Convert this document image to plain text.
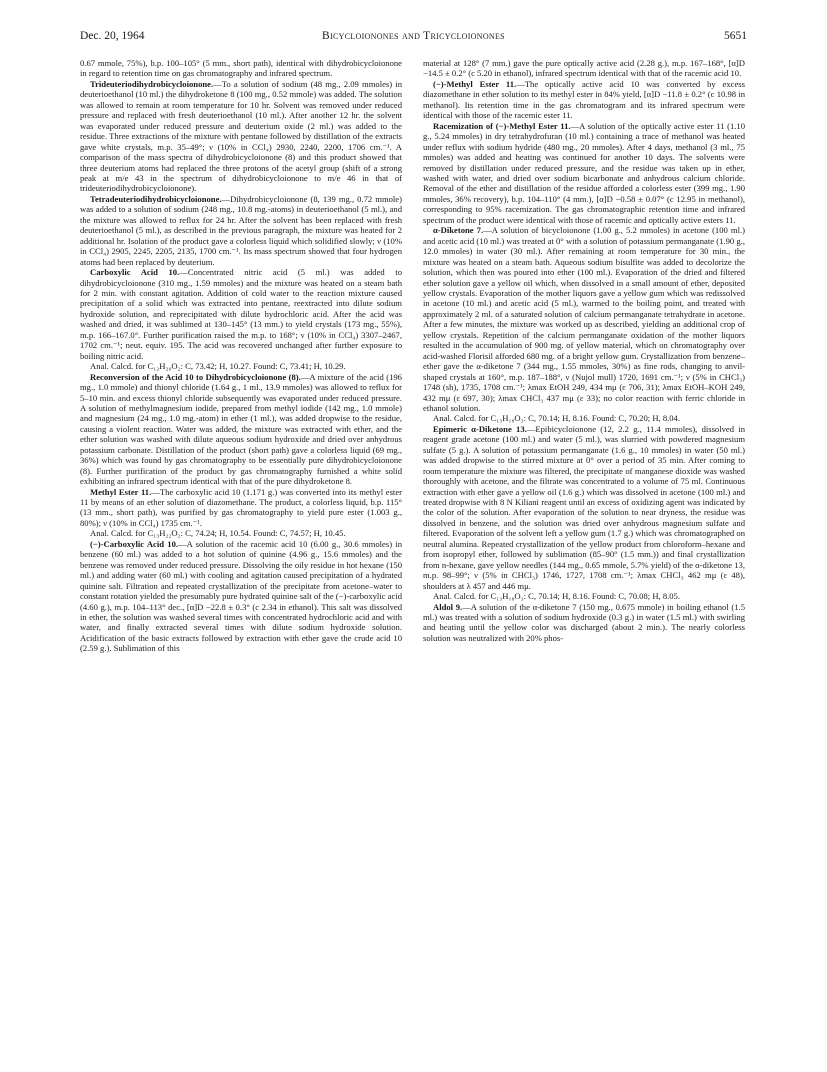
Dec. 20, 1964	Bicycloionones and Tricycloionones	5651

0.67 mmole, 75%), b.p. 100–105° (5 mm., short path), identical with dihydrobicycloionone in regard to retention time on gas chromatography and infrared spectrum.

Trideuteriodihydrobicycloionone.—To a solution of sodium (48 mg., 2.09 mmoles) in deuterioethanol (10 ml.) the dihydroketone 8 (100 mg., 0.52 mmole) was added. The solution was allowed to remain at room temperature for 10 hr. Solvent was removed under reduced pressure and replaced with fresh deuterioethanol (10 ml.). After another 12 hr. the solvent was evaporated under reduced pressure and deuterium oxide (2 ml.) was added to the residue. Three extractions of the mixture with pentane followed by distillation of the extracts gave white crystals, m.p. 35–49°; ν (10% in CCl₄) 2930, 2240, 2200, 1706 cm.⁻¹. A comparison of the mass spectra of dihydrobicycloionone (8) and this product showed that three deuterium atoms had replaced the three protons of the acetyl group (shift of a strong peak at m/e 43 in the spectrum of dihydrobicycloionone to m/e 46 in that of trideuteriodihydrobicycloionone).

Tetradeuteriodihydrobicycloionone.—Dihydrobicycloionone (8, 139 mg., 0.72 mmole) was added to a solution of sodium (248 mg., 10.8 mg.-atoms) in deuterioethanol (5 ml.), and the mixture was allowed to reflux for 24 hr. After the solvent has been replaced with fresh deuterioethanol (5 ml.), as described in the previous paragraph, the mixture was heated for 2 additional hr. Isolation of the product gave a colorless liquid which solidified slowly; ν (10% in CCl₄) 2905, 2245, 2205, 2135, 1700 cm.⁻¹. Its mass spectrum showed that four hydrogen atoms had been replaced by deuterium.

Carboxylic Acid 10.—Concentrated nitric acid (5 ml.) was added to dihydrobicycloionone (310 mg., 1.59 mmoles) and the mixture was heated on a steam bath for 2 min. with constant agitation. Addition of cold water to the reaction mixture caused precipitation of a solid which was extracted into pentane, reextracted into dilute sodium hydroxide solution, and reprecipitated with dilute hydrochloric acid. After the acid was washed and dried, it was sublimed at 130–145° (13 mm.) to yield crystals (173 mg., 55%), m.p. 166–167.0°. Further purification raised the m.p. to 168°; ν (10% in CCl₄) 3307–2467, 1702 cm.⁻¹; neut. equiv. 195. The acid was recovered unchanged after further exposure to boiling nitric acid.

Anal. Calcd. for C₁₂H₂₀O₂: C, 73.42; H, 10.27. Found: C, 73.41; H, 10.29.

Reconversion of the Acid 10 to Dihydrobicycloionone (8).—A mixture of the acid (196 mg., 1.0 mmole) and thionyl chloride (1.64 g., 1 ml., 13.9 mmoles) was allowed to reflux for 5–10 min. and excess thionyl chloride subsequently was evaporated under reduced pressure. A solution of methylmagnesium iodide, prepared from methyl iodide (142 mg., 1.0 mmole) and magnesium (24 mg., 1.0 mg.-atom) in ether (1 ml.), was added dropwise to the residue, causing a violent reaction. Water was added, the mixture was extracted with ether, and the ether solution was washed with dilute aqueous sodium hydroxide and dried over anhydrous potassium carbonate. Distillation of the product (short path) gave a colorless liquid (69 mg., 36%) which was found by gas chromatography to be essentially pure dihydrobicycloionone (8). Further purification of the product by gas chromatography furnished a white solid exhibiting an infrared spectrum identical with that of the pure dihydroketone 8.

Methyl Ester 11.—The carboxylic acid 10 (1.171 g.) was converted into its methyl ester 11 by means of an ether solution of diazomethane. The product, a colorless liquid, b.p. 115° (13 mm., short path), was purified by gas chromatography to yield pure ester (1.003 g., 80%); ν (10% in CCl₄) 1735 cm.⁻¹.

Anal. Calcd. for C₁₃H₂₂O₂: C, 74.24; H, 10.54. Found: C, 74.57; H, 10.45.

(−)-Carboxylic Acid 10.—A solution of the racemic acid 10 (6.00 g., 30.6 mmoles) in benzene (60 ml.) was added to a hot solution of quinine (4.96 g., 15.6 mmoles) and the benzene was removed under reduced pressure. Dissolving the oily residue in hot hexane (150 ml.) and adding water (60 ml.) with cooling and agitation caused precipitation of a hydrated quinine salt. Filtration and repeated crystallization of the precipitate from acetone–water to constant rotation yielded the presumably pure hydrated quinine salt of the (−)-carboxylic acid (4.60 g.), m.p. 104–113° dec., [α]D −22.8 ± 0.3° (c 2.34 in ethanol). This salt was dissolved in ether, the solution was washed several times with concentrated hydrochloric acid and with water, and finally extracted several times with dilute sodium hydroxide solution. Acidification of the basic extracts followed by extraction with ether gave the crude acid 10 (2.59 g.). Sublimation of this

material at 128° (7 mm.) gave the pure optically active acid (2.28 g.), m.p. 167–168°, [α]D −14.5 ± 0.2° (c 5.20 in ethanol), infrared spectrum identical with that of the racemic acid 10.

(−)-Methyl Ester 11.—The optically active acid 10 was converted by excess diazomethane in ether solution to its methyl ester in 84% yield, [α]D −11.8 ± 0.2° (c 10.98 in methanol). Its retention time in the gas chromatogram and its infrared spectrum were identical with those of the racemic ester 11.

Racemization of (−)-Methyl Ester 11.—A solution of the optically active ester 11 (1.10 g., 5.24 mmoles) in dry tetrahydrofuran (10 ml.) containing a trace of methanol was heated under reflux with sodium hydride (480 mg., 20 mmoles). After 4 days, methanol (3 ml., 75 mmoles) was added and heating was continued for another 10 days. The solvents were removed by distillation under reduced pressure, and the residue was taken up in ether, washed with water, and dried over sodium bicarbonate and anhydrous calcium chloride. Removal of the ether and distillation of the residue afforded a colorless ester (399 mg., 1.90 mmoles, 36% recovery), b.p. 104–110° (4 mm.), [α]D −0.58 ± 0.07° (c 12.95 in methanol), corresponding to 95% racemization. The gas chromatographic retention time and infrared spectrum of the product were identical with those of racemic and optically active esters 11.

α-Diketone 7.—A solution of bicycloionone (1.00 g., 5.2 mmoles) in acetone (100 ml.) and acetic acid (10 ml.) was treated at 0° with a solution of potassium permanganate (1.90 g., 12.0 mmoles) in water (30 ml.). After remaining at room temperature for 30 min., the mixture was heated on a steam bath. Aqueous sodium bisulfite was added to decolorize the solution, which then was poured into ether (100 ml.). Evaporation of the dried and filtered ether solution gave a yellow oil which, when dissolved in a small amount of ether, deposited yellow crystals. Evaporation of the mother liquors gave a yellow gum which was redissolved in acetone (10 ml.) and acetic acid (5 ml.), warmed to the boiling point, and treated with approximately 2 ml. of a saturated solution of calcium permanganate tetrahydrate in acetone. After a few minutes, the mixture was worked up as described, yielding an additional crop of yellow crystals. Repetition of the calcium permanganate oxidation of the mother liquors resulted in the accumulation of 900 mg. of yellow material, which on chromatography over acid-washed Florisil afforded 680 mg. of a bright yellow gum. Crystallization from benzene–ether gave the α-diketone 7 (344 mg., 1.55 mmoles, 30%) as fine rods, changing to anvil-shaped crystals at 160°, m.p. 187–188°, ν (Nujol mull) 1720, 1691 cm.⁻¹; ν (5% in CHCl₃) 1748 (sh), 1735, 1708 cm.⁻¹; λmax EtOH 249, 434 mμ (ε 706, 31); λmax EtOH–KOH 249, 432 mμ (ε 697, 30); λmax CHCl₃ 437 mμ (ε 33); no color reaction with ferric chloride in ethanol solution.

Anal. Calcd. for C₁₃H₁₈O₃: C, 70.14; H, 8.16. Found: C, 70.20; H, 8.04.

Epimeric α-Diketone 13.—Epibicycloionone (12, 2.2 g., 11.4 mmoles), dissolved in reagent grade acetone (100 ml.) and water (5 ml.), was slurried with powdered magnesium sulfate (5 g.). A solution of potassium permanganate (1.6 g., 10 mmoles) in water (50 ml.) was added dropwise to the stirred mixture at 0° over a period of 35 min. After coming to room temperature the mixture was filtered, the precipitate of manganese dioxide was washed thoroughly with acetone, and the filtrate was concentrated to a volume of 75 ml. Continuous extraction with ether gave a yellow oil (1.6 g.) which was dissolved in acetone (100 ml.) and treated dropwise with 8 N Kiliani reagent until an excess of oxidizing agent was indicated by the color of the solution. After evaporation of the solution to near dryness, the residue was dissolved in benzene, and the solution was dried over anhydrous magnesium sulfate and filtered. Evaporation of the solvent left a yellow gum (1.7 g.) which was chromatographed on neutral alumina. Repeated crystallization of the yellow product from chloroform–hexane and from isopropyl ether, followed by sublimation (85–90° (1.5 mm.)) and final crystallization from n-hexane, gave yellow needles (144 mg., 0.65 mmole, 5.7% yield) of the α-diketone 13, m.p. 98–99°; ν (5% in CHCl₃) 1746, 1727, 1708 cm.⁻¹; λmax CHCl₃ 462 mμ (ε 48), shoulders at λ 457 and 446 mμ.

Anal. Calcd. for C₁₃H₁₈O₃: C, 70.14; H, 8.16. Found: C, 70.08; H, 8.05.

Aldol 9.—A solution of the α-diketone 7 (150 mg., 0.675 mmole) in boiling ethanol (1.5 ml.) was treated with a solution of sodium hydroxide (0.3 g.) in water (1.5 ml.) with swirling and heating until the yellow color was discharged (about 2 min.). The nearly colorless solution was neutralized with 20% phos-
